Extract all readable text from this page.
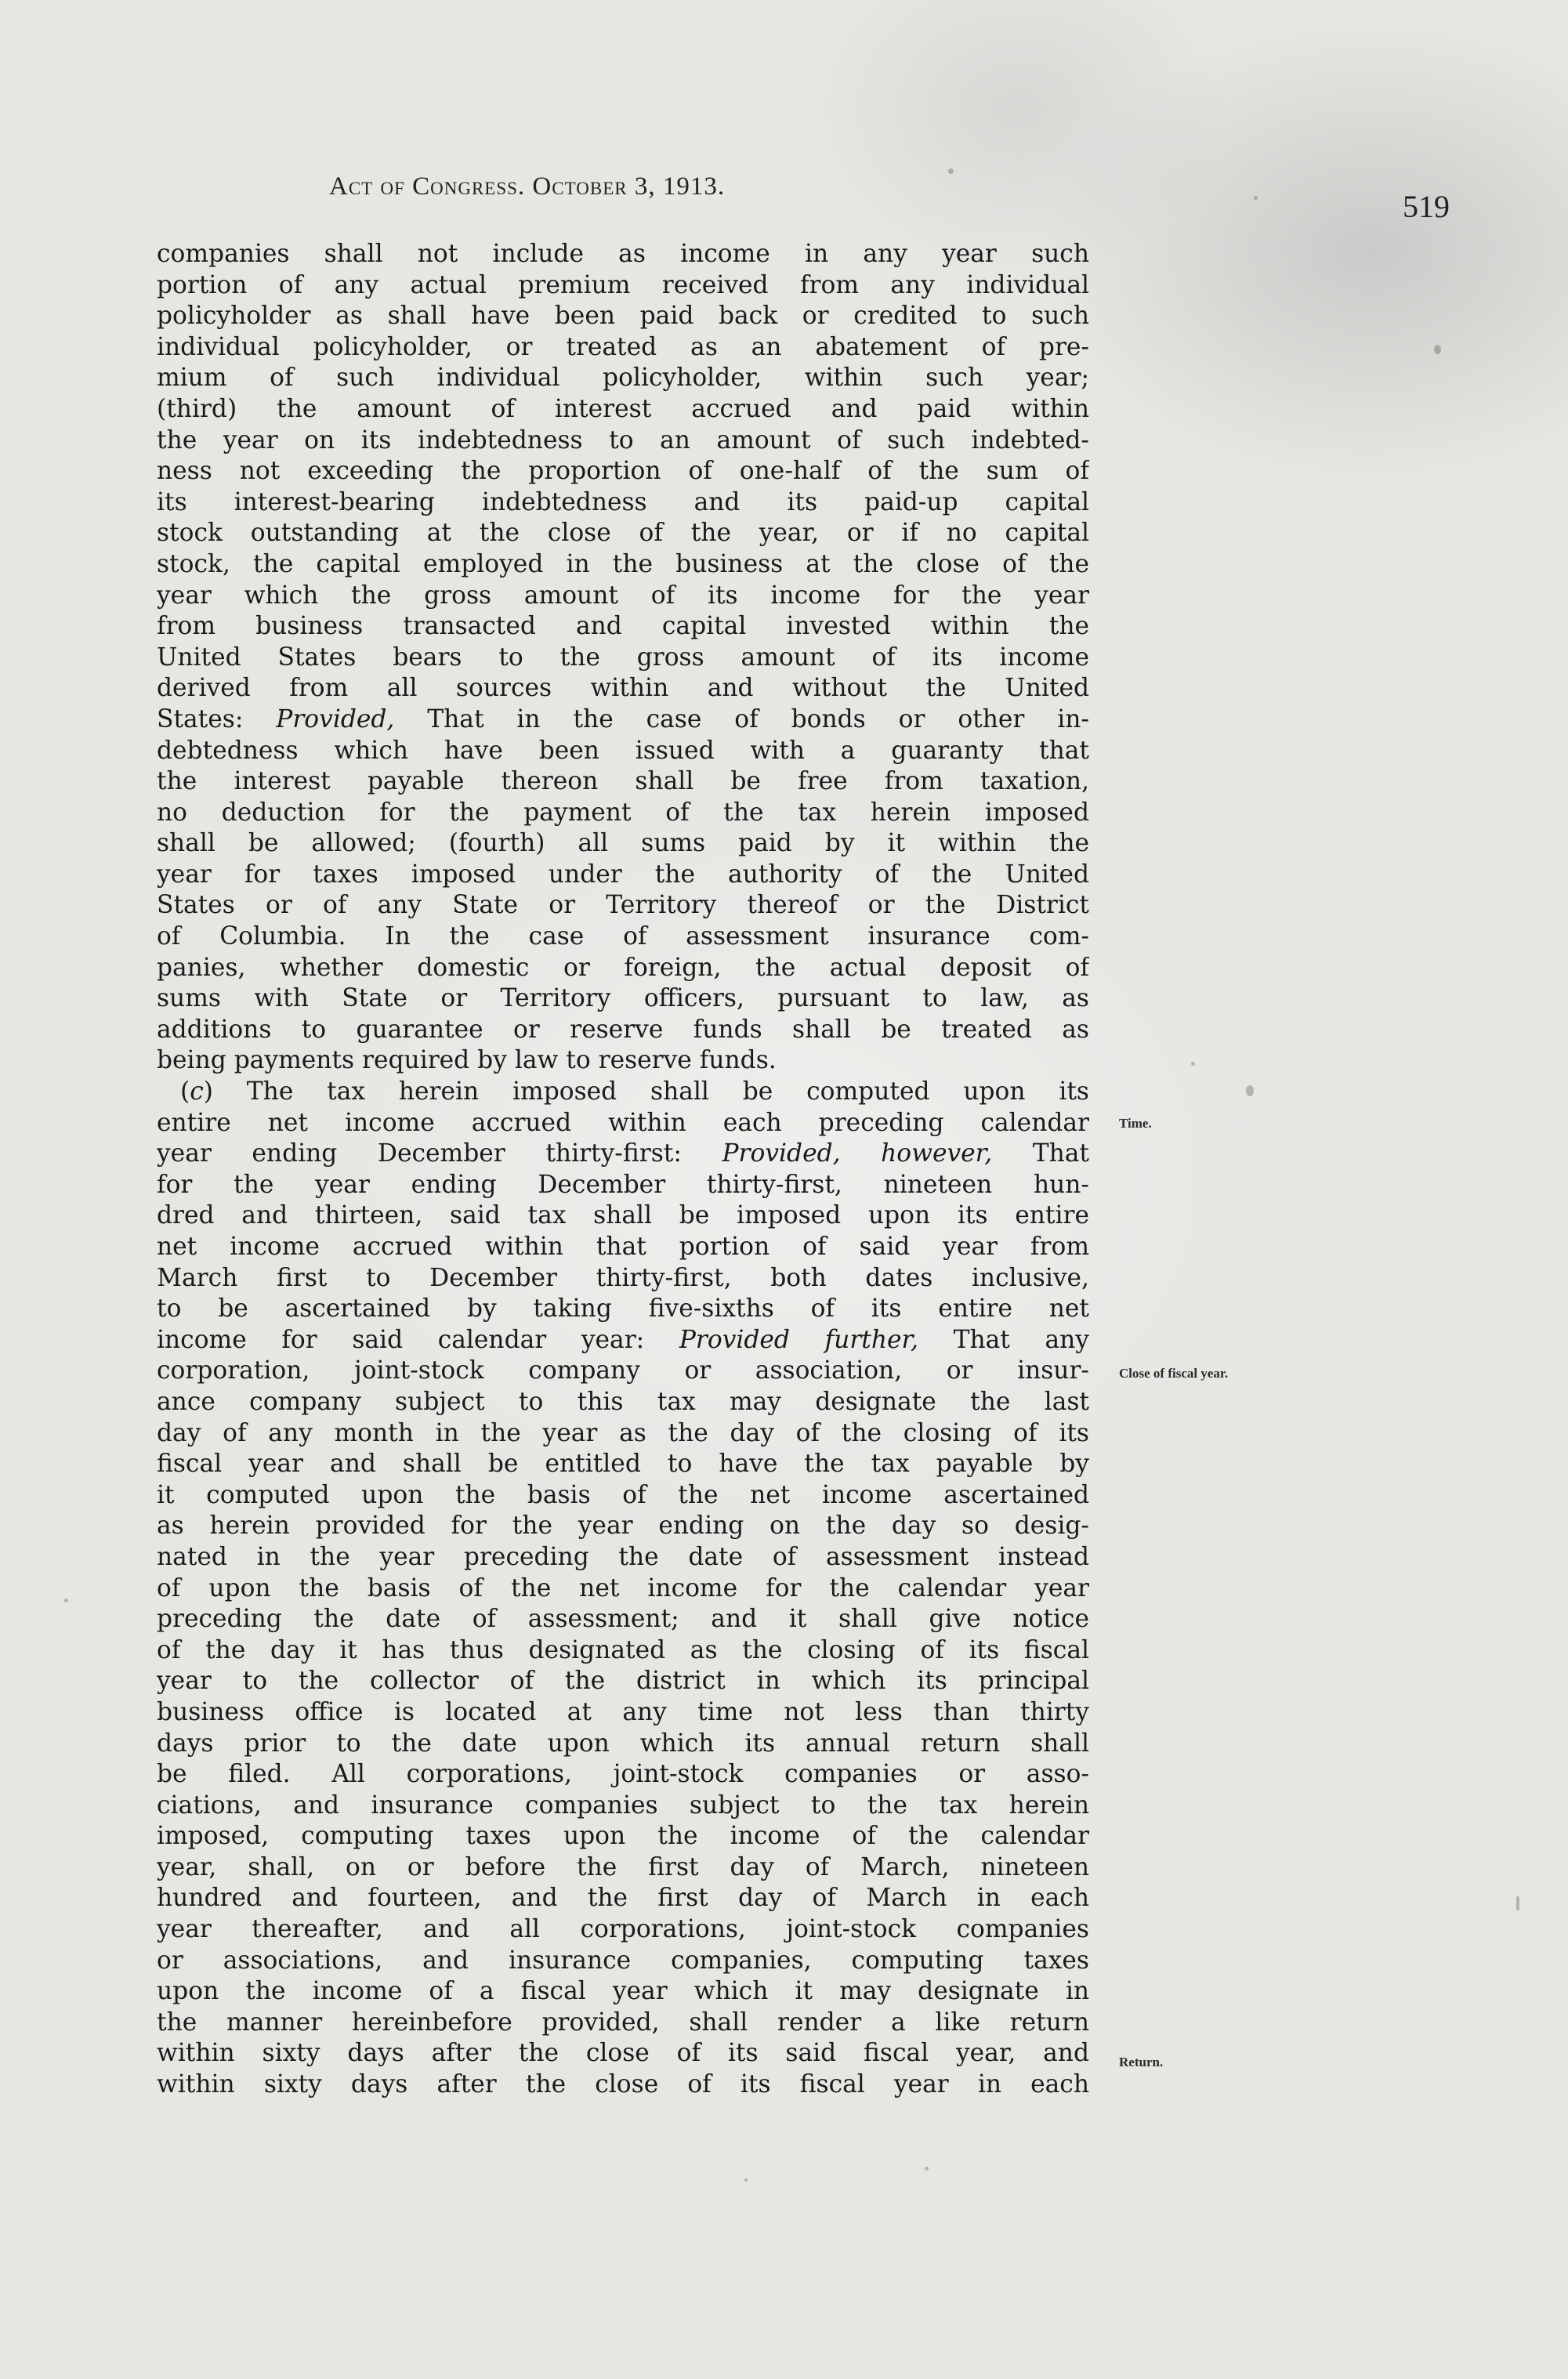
Act of Congress. October 3, 1913.
519
companies shall not include as income in any year such
portion of any actual premium received from any individual
policyholder as shall have been paid back or credited to such
individual policyholder, or treated as an abatement of pre-
mium of such individual policyholder, within such year;
(third) the amount of interest accrued and paid within
the year on its indebtedness to an amount of such indebted-
ness not exceeding the proportion of one-half of the sum of
its interest-bearing indebtedness and its paid-up capital
stock outstanding at the close of the year, or if no capital
stock, the capital employed in the business at the close of the
year which the gross amount of its income for the year
from business transacted and capital invested within the
United States bears to the gross amount of its income
derived from all sources within and without the United
States: Provided, That in the case of bonds or other in-
debtedness which have been issued with a guaranty that
the interest payable thereon shall be free from taxation,
no deduction for the payment of the tax herein imposed
shall be allowed; (fourth) all sums paid by it within the
year for taxes imposed under the authority of the United
States or of any State or Territory thereof or the District
of Columbia. In the case of assessment insurance com-
panies, whether domestic or foreign, the actual deposit of
sums with State or Territory officers, pursuant to law, as
additions to guarantee or reserve funds shall be treated as
being payments required by law to reserve funds.
(c) The tax herein imposed shall be computed upon its
entire net income accrued within each preceding calendar
year ending December thirty-first: Provided, however, That
for the year ending December thirty-first, nineteen hun-
dred and thirteen, said tax shall be imposed upon its entire
net income accrued within that portion of said year from
March first to December thirty-first, both dates inclusive,
to be ascertained by taking five-sixths of its entire net
income for said calendar year: Provided further, That any
corporation, joint-stock company or association, or insur-
ance company subject to this tax may designate the last
day of any month in the year as the day of the closing of its
fiscal year and shall be entitled to have the tax payable by
it computed upon the basis of the net income ascertained
as herein provided for the year ending on the day so desig-
nated in the year preceding the date of assessment instead
of upon the basis of the net income for the calendar year
preceding the date of assessment; and it shall give notice
of the day it has thus designated as the closing of its fiscal
year to the collector of the district in which its principal
business office is located at any time not less than thirty
days prior to the date upon which its annual return shall
be filed. All corporations, joint-stock companies or asso-
ciations, and insurance companies subject to the tax herein
imposed, computing taxes upon the income of the calendar
year, shall, on or before the first day of March, nineteen
hundred and fourteen, and the first day of March in each
year thereafter, and all corporations, joint-stock companies
or associations, and insurance companies, computing taxes
upon the income of a fiscal year which it may designate in
the manner hereinbefore provided, shall render a like return
within sixty days after the close of its said fiscal year, and
within sixty days after the close of its fiscal year in each
Time.
Close of fiscal year.
Return.
